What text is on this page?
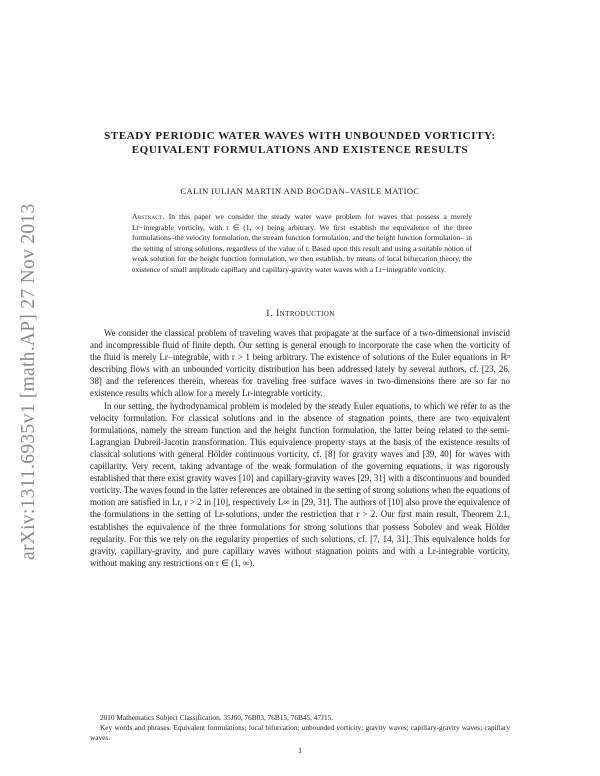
arXiv:1311.6935v1 [math.AP] 27 Nov 2013
STEADY PERIODIC WATER WAVES WITH UNBOUNDED VORTICITY: EQUIVALENT FORMULATIONS AND EXISTENCE RESULTS
CALIN IULIAN MARTIN AND BOGDAN–VASILE MATIOC
Abstract. In this paper we consider the steady water wave problem for waves that possess a merely Lr−integrable vorticity, with r ∈ (1, ∞) being arbitrary. We first establish the equivalence of the three formulations–the velocity formulation, the stream function formulation, and the height function formulation– in the setting of strong solutions, regardless of the value of r. Based upon this result and using a suitable notion of weak solution for the height function formulation, we then establish, by means of local bifurcation theory, the existence of small amplitude capillary and capillary-gravity water waves with a Lr−integrable vorticity.
1. Introduction

We consider the classical problem of traveling waves that propagate at the surface of a two-dimensional inviscid and incompressible fluid of finite depth. Our setting is general enough to incorporate the case when the vorticity of the fluid is merely Lr−integrable, with r > 1 being arbitrary. The existence of solutions of the Euler equations in ℝⁿ describing flows with an unbounded vorticity distribution has been addressed lately by several authors, cf. [23, 26, 38] and the references therein, whereas for traveling free surface waves in two-dimensions there are so far no existence results which allow for a merely Lr-integrable vorticity.

In our setting, the hydrodynamical problem is modeled by the steady Euler equations, to which we refer to as the velocity formulation. For classical solutions and in the absence of stagnation points, there are two equivalent formulations, namely the stream function and the height function formulation, the latter being related to the semi-Lagrangian Dubreil-Jacotin transformation. This equivalence property stays at the basis of the existence results of classical solutions with general Hölder continuous vorticity, cf. [8] for gravity waves and [39, 40] for waves with capillarity. Very recent, taking advantage of the weak formulation of the governing equations, it was rigorously established that there exist gravity waves [10] and capillary-gravity waves [29, 31] with a discontinuous and bounded vorticity. The waves found in the latter references are obtained in the setting of strong solutions when the equations of motion are satisfied in Lr, r > 2 in [10], respectively L∞ in [29, 31]. The authors of [10] also prove the equivalence of the formulations in the setting of Lr-solutions, under the restriction that r > 2. Our first main result, Theorem 2.1, establishes the equivalence of the three formulations for strong solutions that possess Sobolev and weak Hölder regularity. For this we rely on the regularity properties of such solutions, cf. [7, 14, 31]. This equivalence holds for gravity, capillary-gravity, and pure capillary waves without stagnation points and with a Lr-integrable vorticity, without making any restrictions on r ∈ (1, ∞).

2010 Mathematics Subject Classification. 35J60, 76B03, 76B15, 76B45, 47J15.

Key words and phrases. Equivalent formulations; local bifurcation; unbounded vorticity; gravity waves; capillary-gravity waves; capillary waves.

1
